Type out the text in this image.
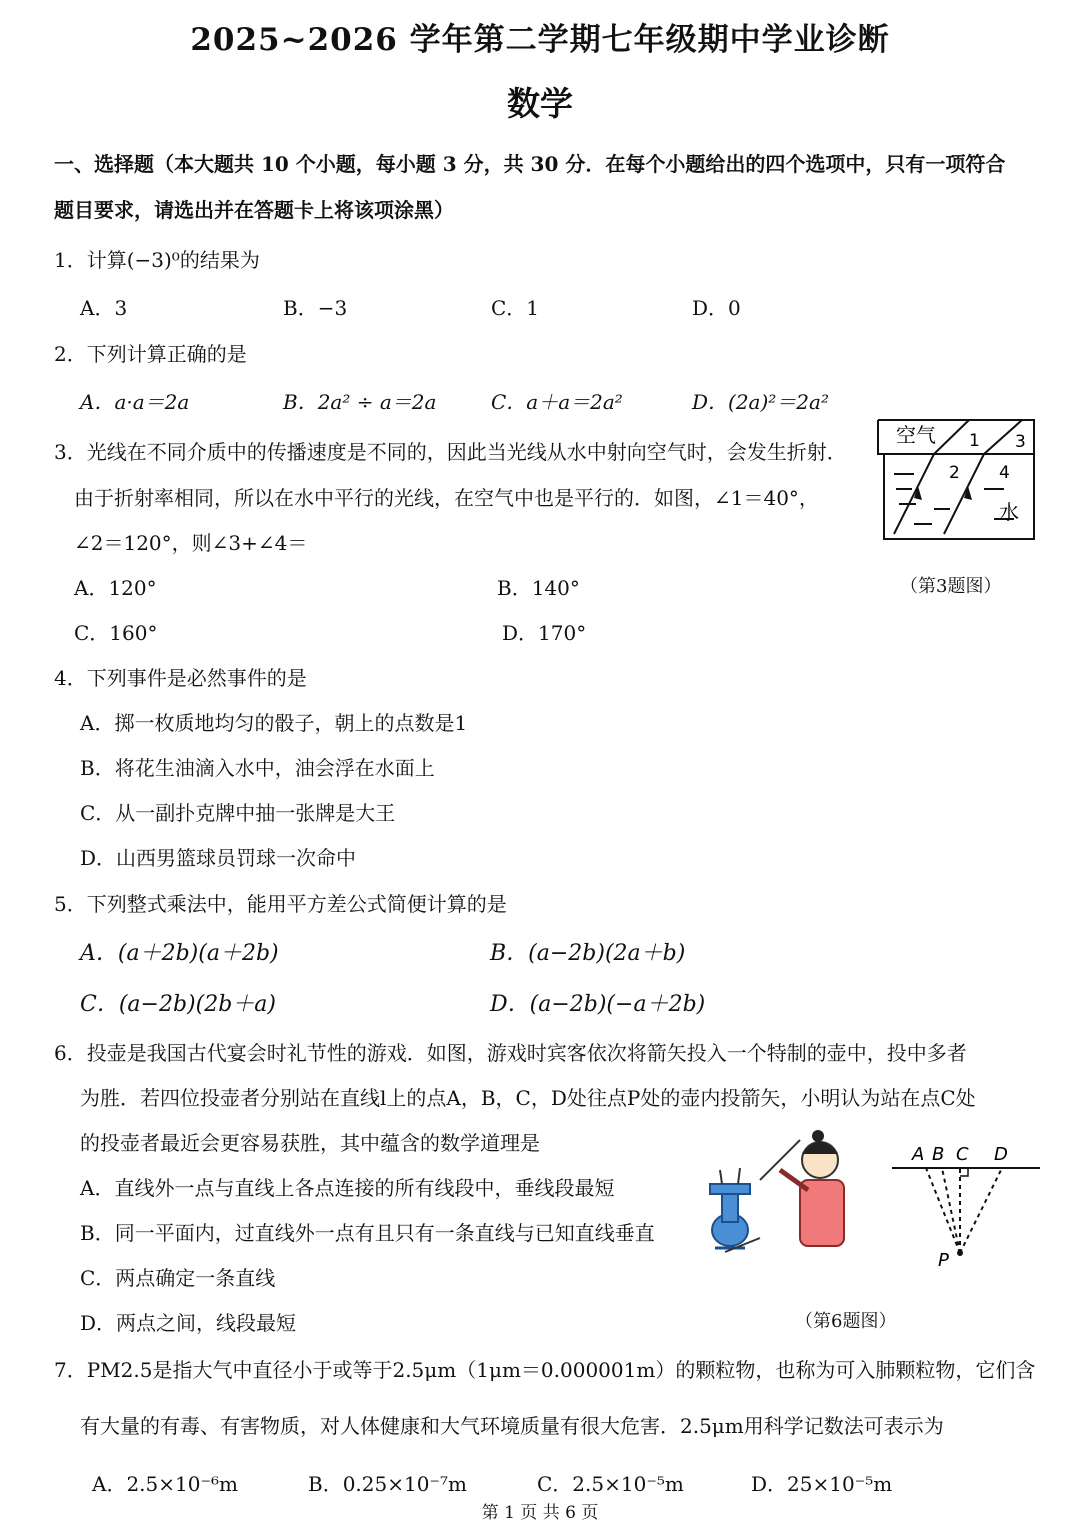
2025~2026 学年第二学期七年级期中学业诊断
数学
一、选择题（本大题共 10 个小题，每小题 3 分，共 30 分．在每个小题给出的四个选项中，只有一项符合
题目要求，请选出并在答题卡上将该项涂黑）
1．计算(−3)⁰的结果为
A．3	B．−3	C．1	D．0
2．下列计算正确的是
A．a·a＝2a	B．2a² ÷ a＝2a	C．a＋a＝2a²	D．(2a)²＝2a²
3．光线在不同介质中的传播速度是不同的，因此当光线从水中射向空气时，会发生折射．
由于折射率相同，所以在水中平行的光线，在空气中也是平行的．如图，∠1＝40°，
∠2＝120°，则∠3+∠4＝
A．120°	B．140°
C．160°	D．170°
空气
水
1
2
3
4
（第3题图）
4．下列事件是必然事件的是
A．掷一枚质地均匀的骰子，朝上的点数是1
B．将花生油滴入水中，油会浮在水面上
C．从一副扑克牌中抽一张牌是大王
D．山西男篮球员罚球一次命中
5．下列整式乘法中，能用平方差公式简便计算的是
A．(a＋2b)(a＋2b)	B．(a−2b)(2a＋b)
C．(a−2b)(2b＋a)	D．(a−2b)(−a＋2b)
6．投壶是我国古代宴会时礼节性的游戏．如图，游戏时宾客依次将箭矢投入一个特制的壶中，投中多者
为胜．若四位投壶者分别站在直线l上的点A，B，C，D处往点P处的壶内投箭矢，小明认为站在点C处
的投壶者最近会更容易获胜，其中蕴含的数学道理是
A．直线外一点与直线上各点连接的所有线段中，垂线段最短
B．同一平面内，过直线外一点有且只有一条直线与已知直线垂直
C．两点确定一条直线
D．两点之间，线段最短
A B C D
P
（第6题图）
7．PM2.5是指大气中直径小于或等于2.5μm（1μm＝0.000001m）的颗粒物，也称为可入肺颗粒物，它们含
有大量的有毒、有害物质，对人体健康和大气环境质量有很大危害．2.5μm用科学记数法可表示为
A．2.5×10⁻⁶m	B．0.25×10⁻⁷m	C．2.5×10⁻⁵m	D．25×10⁻⁵m
第 1 页 共 6 页
